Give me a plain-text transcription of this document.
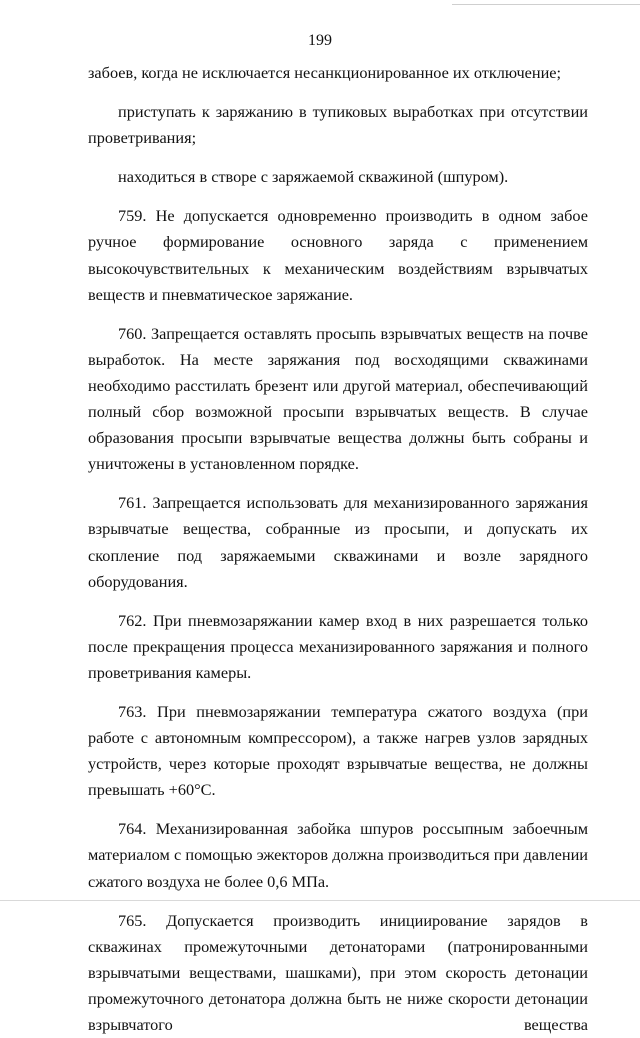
199

забоев, когда не исключается несанкционированное их отключение;

приступать к заряжанию в тупиковых выработках при отсутствии проветривания;

находиться в створе с заряжаемой скважиной (шпуром).

759. Не допускается одновременно производить в одном забое ручное формирование основного заряда с применением высокочувствительных к механическим воздействиям взрывчатых веществ и пневматическое заряжание.

760. Запрещается оставлять просыпь взрывчатых веществ на почве выработок. На месте заряжания под восходящими скважинами необходимо расстилать брезент или другой материал, обеспечивающий полный сбор возможной просыпи взрывчатых веществ. В случае образования просыпи взрывчатые вещества должны быть собраны и уничтожены в установленном порядке.

761. Запрещается использовать для механизированного заряжания взрывчатые вещества, собранные из просыпи, и допускать их скопление под заряжаемыми скважинами и возле зарядного оборудования.

762. При пневмозаряжании камер вход в них разрешается только после прекращения процесса механизированного заряжания и полного проветривания камеры.

763. При пневмозаряжании температура сжатого воздуха (при работе с автономным компрессором), а также нагрев узлов зарядных устройств, через которые проходят взрывчатые вещества, не должны превышать +60°С.

764. Механизированная забойка шпуров россыпным забоечным материалом с помощью эжекторов должна производиться при давлении сжатого воздуха не более 0,6 МПа.

765. Допускается производить инициирование зарядов в скважинах промежуточными детонаторами (патронированными взрывчатыми веществами, шашками), при этом скорость детонации промежуточного детонатора должна быть не ниже скорости детонации взрывчатого вещества
